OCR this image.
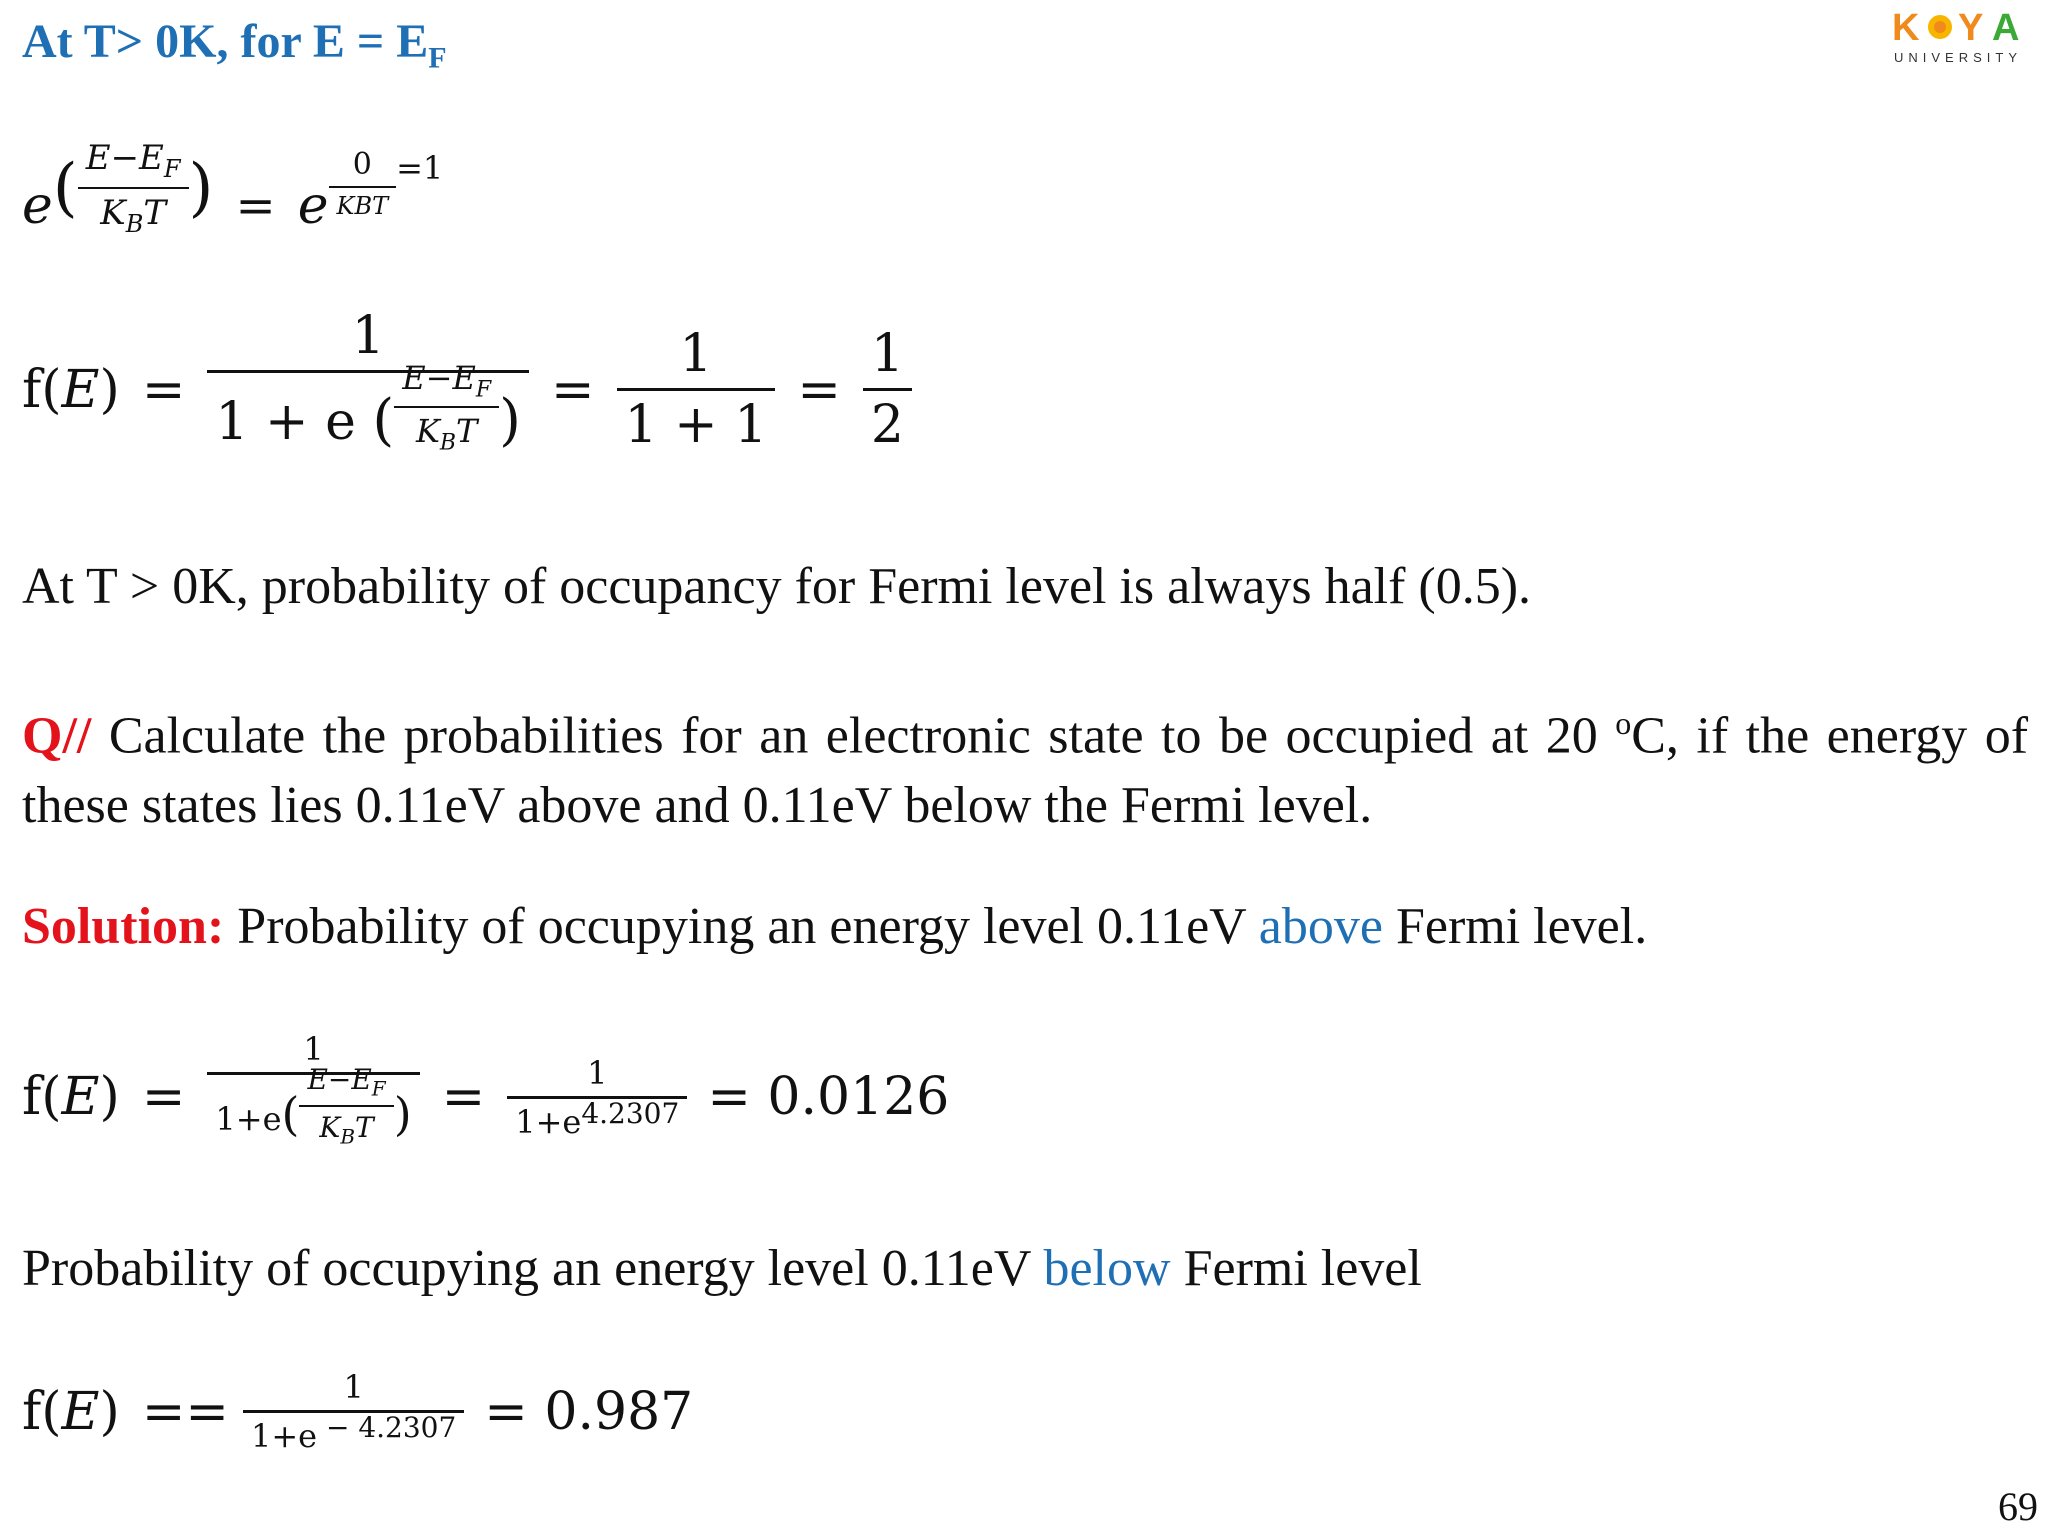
At T> 0K, for $E = E_F$
K Y A
UNIVERSITY
e ( $\frac{E-E_F}{K_BT}$ ) = e $\frac{0}{\text{KBT}} =1$
$f(E) = \frac{1}{1 + e ( \frac{E-E_F}{K_BT} )} = \frac{1}{1 + 1} = \frac{1}{2}$
At T > 0K, probability of occupancy for Fermi level is always half (0.5).
Q// Calculate the probabilities for an electronic state to be occupied at 20 $^o$C, if the energy of these states lies 0.11eV above and 0.11eV below the Fermi level.
Solution: Probability of occupying an energy level 0.11eV above Fermi level.
$f(E) = \frac{1}{1+e( \frac{E-E_F}{K_BT} )} = \frac{1}{1+e4.2307} = 0.0126$
Probability of occupying an energy level 0.11eV below Fermi level
$f(E) == \frac{1}{1+e - 4.2307} = 0.987$
69
